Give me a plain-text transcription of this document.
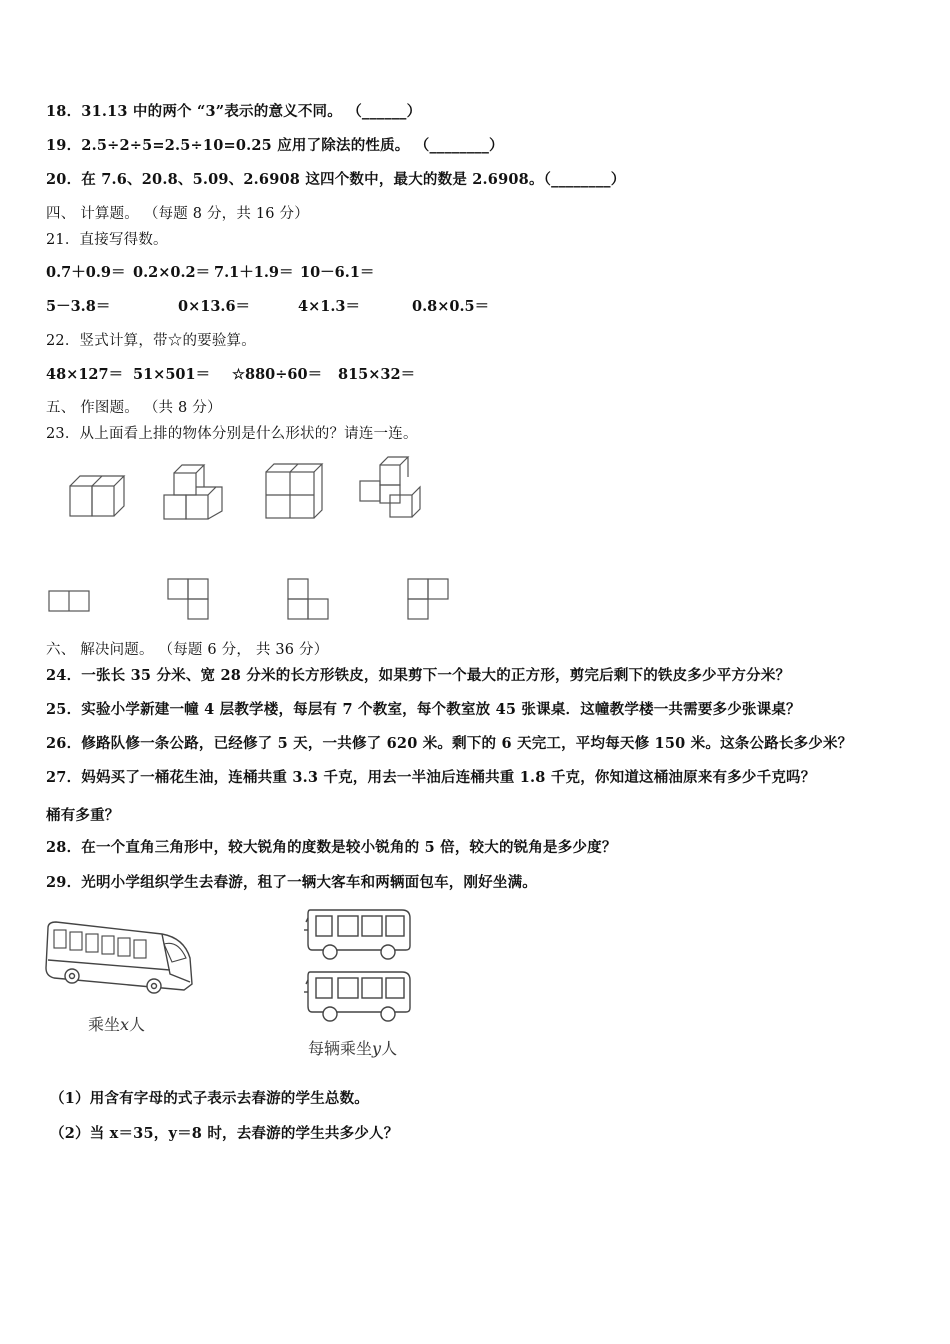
18．31.13 中的两个 “3”表示的意义不同。 （______）
19．2.5÷2÷5=2.5÷10=0.25 应用了除法的性质。 （________）
20．在 7.6、20.8、5.09、2.6908 这四个数中，最大的数是 2.6908。（________）
四、 计算题。 （每题 8 分，共 16 分）
21．直接写得数。
0.7＋0.9＝ 0.2×0.2＝ 7.1＋1.9＝ 10－6.1＝
5－3.8＝	0×13.6＝	4×1.3＝	0.8×0.5＝
22．竖式计算，带☆的要验算。
48×127＝ 51×501＝ ☆880÷60＝ 815×32＝
五、 作图题。 （共 8 分）
23．从上面看上排的物体分别是什么形状的？请连一连。
六、 解决问题。 （每题 6 分， 共 36 分）
24．一张长 35 分米、宽 28 分米的长方形铁皮，如果剪下一个最大的正方形，剪完后剩下的铁皮多少平方分米？
25．实验小学新建一幢 4 层教学楼，每层有 7 个教室，每个教室放 45 张课桌．这幢教学楼一共需要多少张课桌？
26．修路队修一条公路，已经修了 5 天，一共修了 620 米。剩下的 6 天完工，平均每天修 150 米。这条公路长多少米？
27．妈妈买了一桶花生油，连桶共重 3.3 千克，用去一半油后连桶共重 1.8 千克，你知道这桶油原来有多少千克吗？
桶有多重？
28．在一个直角三角形中，较大锐角的度数是较小锐角的 5 倍，较大的锐角是多少度？
29．光明小学组织学生去春游，租了一辆大客车和两辆面包车，刚好坐满。
乘坐x人
每辆乘坐y人
（1）用含有字母的式子表示去春游的学生总数。
（2）当 x＝35，y＝8 时，去春游的学生共多少人？
